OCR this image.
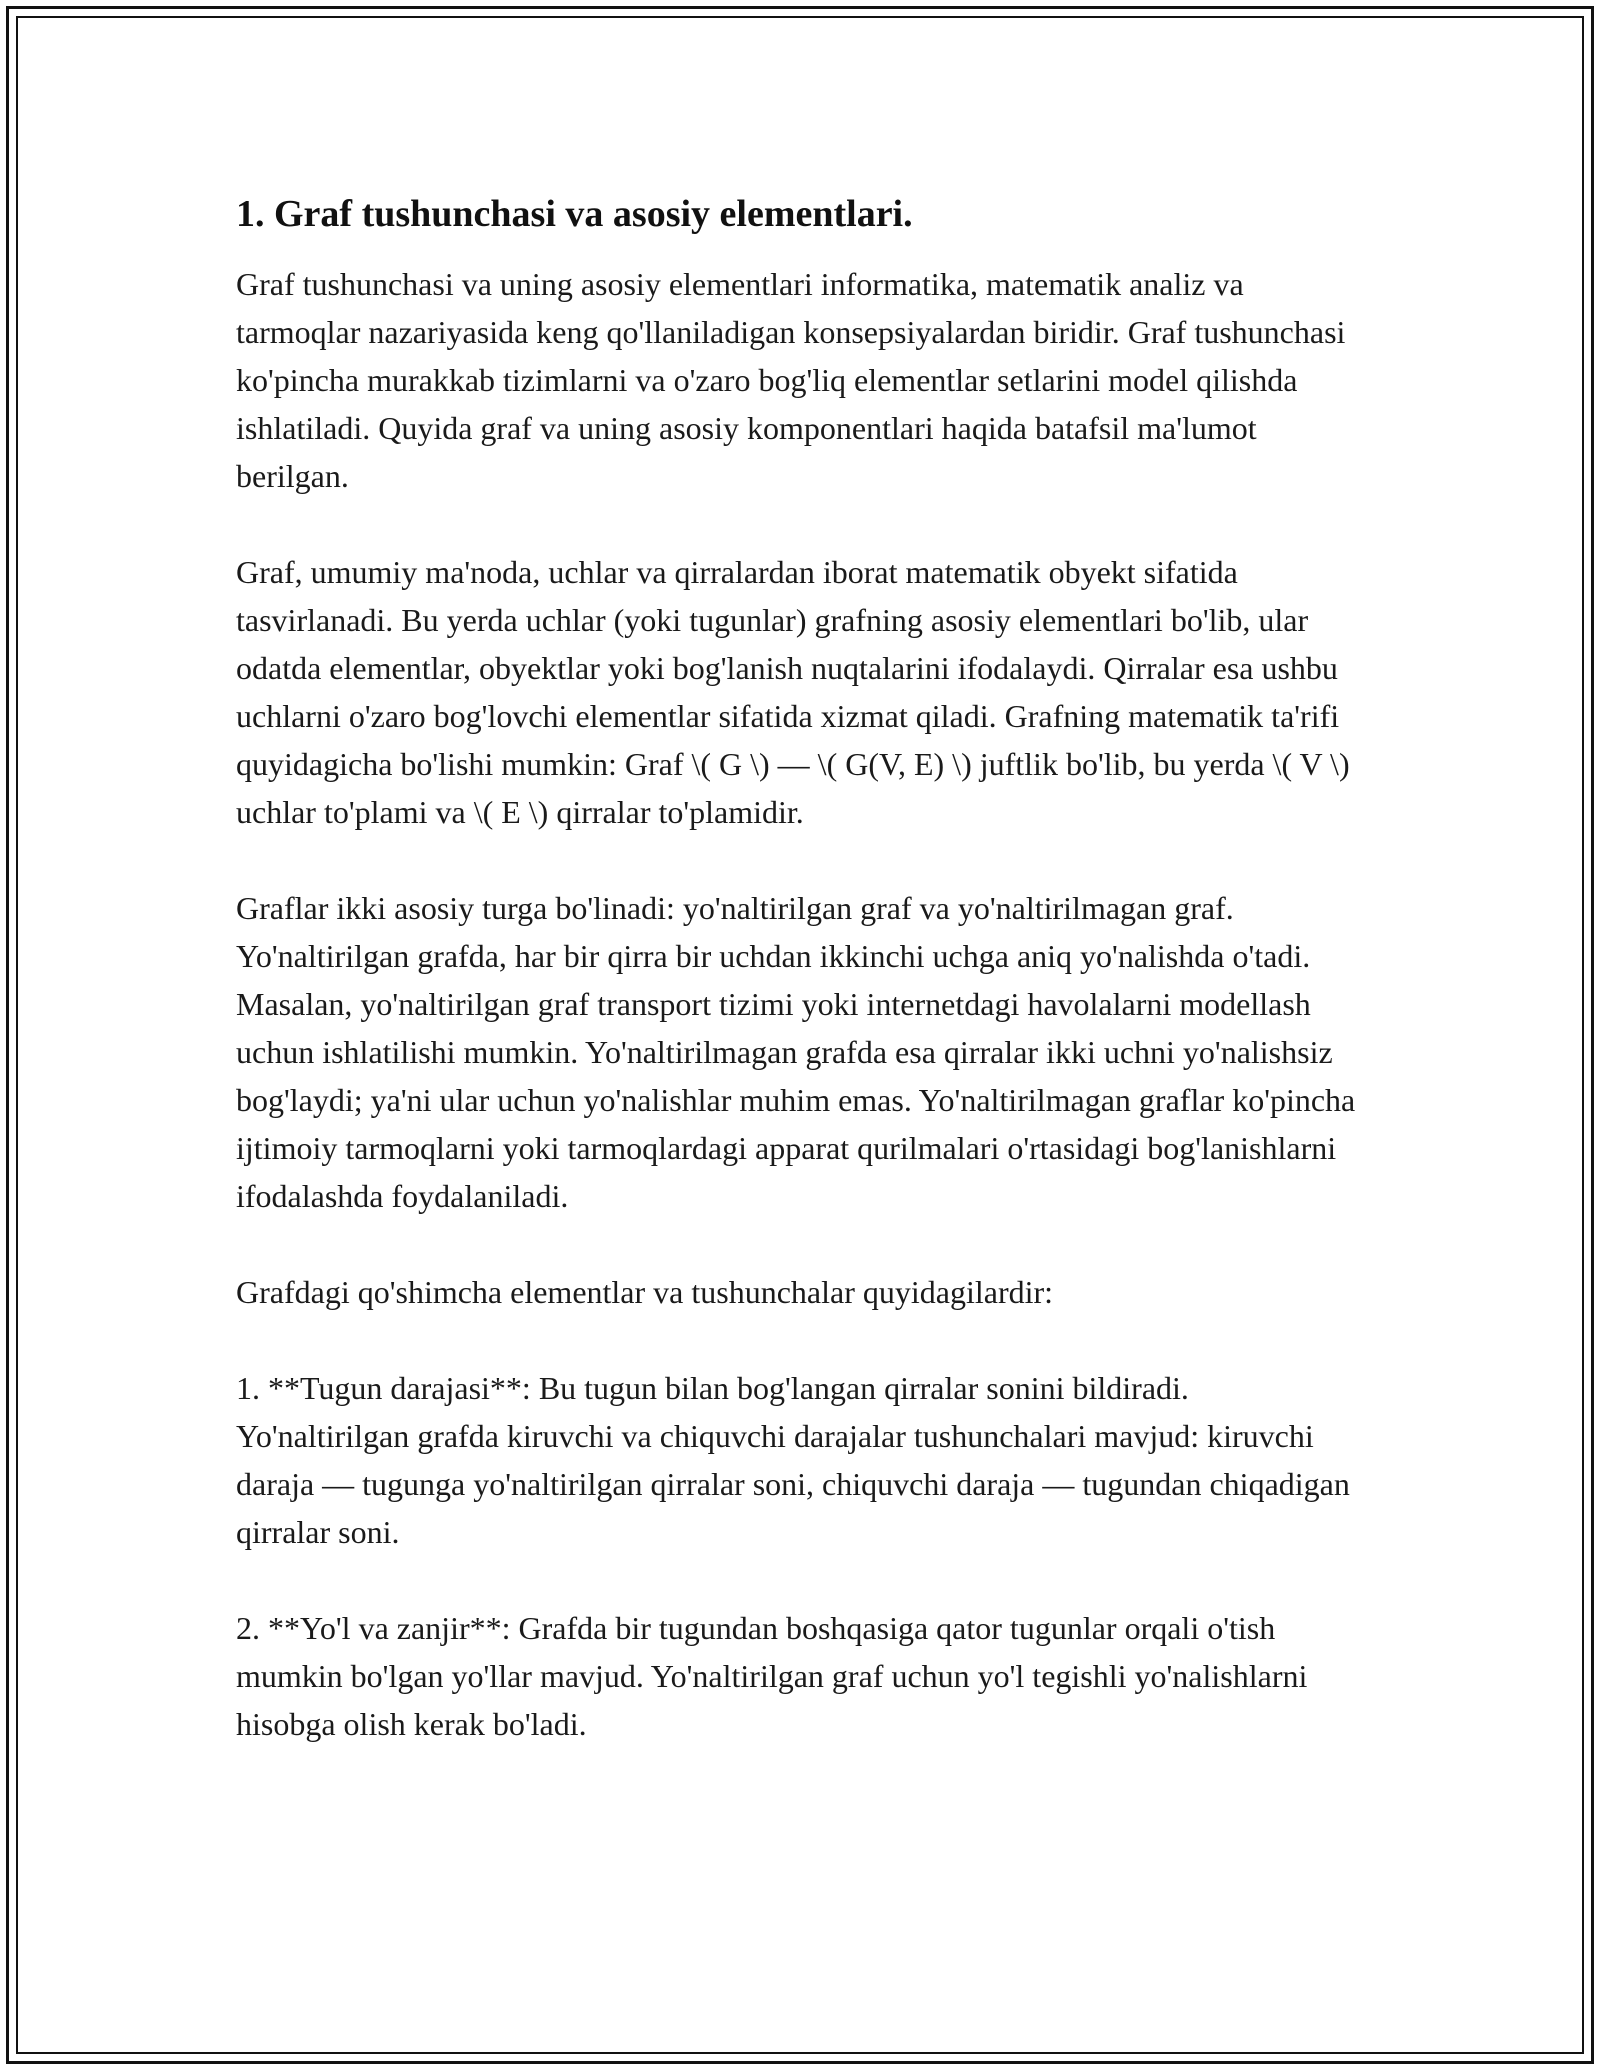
1. Graf tushunchasi va asosiy elementlari.

Graf tushunchasi va uning asosiy elementlari informatika, matematik analiz va tarmoqlar nazariyasida keng qo'llaniladigan konsepsiyalardan biridir. Graf tushunchasi ko'pincha murakkab tizimlarni va o'zaro bog'liq elementlar setlarini model qilishda ishlatiladi. Quyida graf va uning asosiy komponentlari haqida batafsil ma'lumot berilgan.

Graf, umumiy ma'noda, uchlar va qirralardan iborat matematik obyekt sifatida tasvirlanadi. Bu yerda uchlar (yoki tugunlar) grafning asosiy elementlari bo'lib, ular odatda elementlar, obyektlar yoki bog'lanish nuqtalarini ifodalaydi. Qirralar esa ushbu uchlarni o'zaro bog'lovchi elementlar sifatida xizmat qiladi. Grafning matematik ta'rifi quyidagicha bo'lishi mumkin: Graf \( G \) — \( G(V, E) \) juftlik bo'lib, bu yerda \( V \) uchlar to'plami va \( E \) qirralar to'plamidir.

Graflar ikki asosiy turga bo'linadi: yo'naltirilgan graf va yo'naltirilmagan graf. Yo'naltirilgan grafda, har bir qirra bir uchdan ikkinchi uchga aniq yo'nalishda o'tadi. Masalan, yo'naltirilgan graf transport tizimi yoki internetdagi havolalarni modellash uchun ishlatilishi mumkin. Yo'naltirilmagan grafda esa qirralar ikki uchni yo'nalishsiz bog'laydi; ya'ni ular uchun yo'nalishlar muhim emas. Yo'naltirilmagan graflar ko'pincha ijtimoiy tarmoqlarni yoki tarmoqlardagi apparat qurilmalari o'rtasidagi bog'lanishlarni ifodalashda foydalaniladi.

Grafdagi qo'shimcha elementlar va tushunchalar quyidagilardir:

1. **Tugun darajasi**: Bu tugun bilan bog'langan qirralar sonini bildiradi. Yo'naltirilgan grafda kiruvchi va chiquvchi darajalar tushunchalari mavjud: kiruvchi daraja — tugunga yo'naltirilgan qirralar soni, chiquvchi daraja — tugundan chiqadigan qirralar soni.

2. **Yo'l va zanjir**: Grafda bir tugundan boshqasiga qator tugunlar orqali o'tish mumkin bo'lgan yo'llar mavjud. Yo'naltirilgan graf uchun yo'l tegishli yo'nalishlarni hisobga olish kerak bo'ladi.
